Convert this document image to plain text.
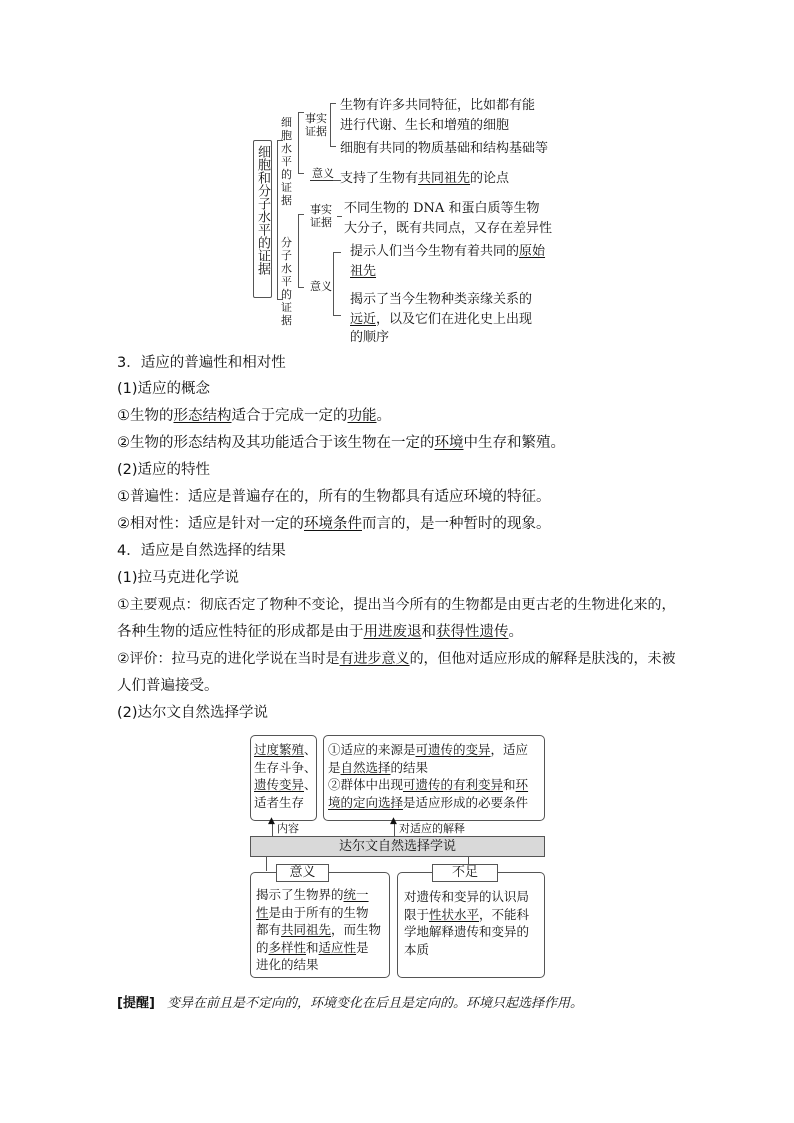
细胞和分子水平的证据
细胞水平的证据
事实证据
生物有许多共同特征，比如都有能
进行代谢、生长和增殖的细胞
细胞有共同的物质基础和结构基础等
意义 支持了生物有共同祖先的论点
分子水平的证据
事实证据
不同生物的 DNA 和蛋白质等生物
大分子，既有共同点，又存在差异性
意义
提示人们当今生物有着共同的原始
祖先
揭示了当今生物种类亲缘关系的
远近，以及它们在进化史上出现
的顺序
3．适应的普遍性和相对性
(1)适应的概念
①生物的形态结构适合于完成一定的功能。
②生物的形态结构及其功能适合于该生物在一定的环境中生存和繁殖。
(2)适应的特性
①普遍性：适应是普遍存在的，所有的生物都具有适应环境的特征。
②相对性：适应是针对一定的环境条件而言的，是一种暂时的现象。
4．适应是自然选择的结果
(1)拉马克进化学说
①主要观点：彻底否定了物种不变论，提出当今所有的生物都是由更古老的生物进化来的，
各种生物的适应性特征的形成都是由于用进废退和获得性遗传。
②评价：拉马克的进化学说在当时是有进步意义的，但他对适应形成的解释是肤浅的，未被
人们普遍接受。
(2)达尔文自然选择学说
过度繁殖、
生存斗争、
遗传变异、
适者生存
①适应的来源是可遗传的变异，适应
是自然选择的结果
②群体中出现可遗传的有利变异和环
境的定向选择是适应形成的必要条件
▲
内容
▲
对适应的解释
达尔文自然选择学说
意义
揭示了生物界的统一
性是由于所有的生物
都有共同祖先，而生物
的多样性和适应性是
进化的结果
不足
对遗传和变异的认识局
限于性状水平，不能科
学地解释遗传和变异的
本质
[提醒] 变异在前且是不定向的，环境变化在后且是定向的。环境只起选择作用。
